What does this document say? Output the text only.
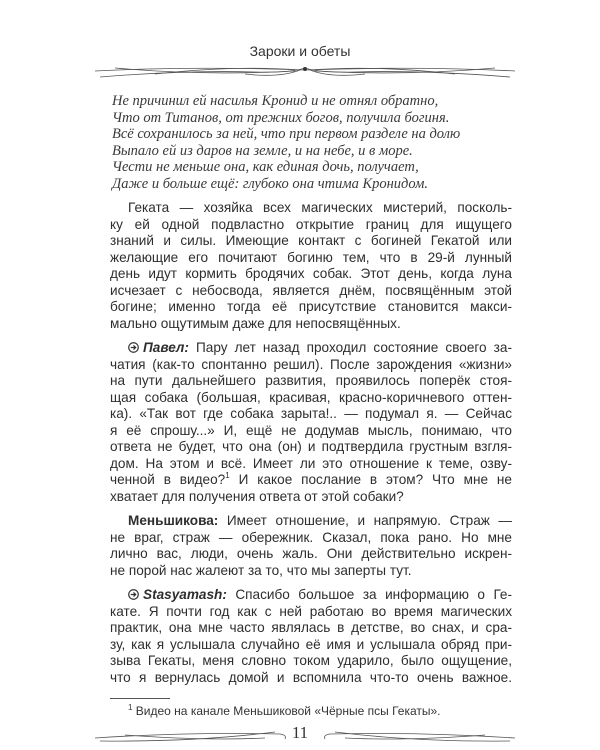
Зароки и обеты
Не причинил ей насилья Кронид и не отнял обратно,
Что от Титанов, от прежних богов, получила богиня.
Всё сохранилось за ней, что при первом разделе на долю
Выпало ей из даров на земле, и на небе, и в море.
Чести не меньше она, как единая дочь, получает,
Даже и больше ещё: глубоко она чтима Кронидом.
Геката — хозяйка всех магических мистерий, посколь-
ку ей одной подвластно открытие границ для ищущего
знаний и силы. Имеющие контакт с богиней Гекатой или
желающие его почитают богиню тем, что в 29-й лунный
день идут кормить бродячих собак. Этот день, когда луна
исчезает с небосвода, является днём, посвящённым этой
богине; именно тогда её присутствие становится макси-
мально ощутимым даже для непосвящённых.
Павел: Пару лет назад проходил состояние своего за-
чатия (как-то спонтанно решил). После зарождения «жизни»
на пути дальнейшего развития, проявилось поперёк стоя-
щая собака (большая, красивая, красно-коричневого оттен-
ка). «Так вот где собака зарыта!.. — подумал я. — Сейчас
я её спрошу...» И, ещё не додумав мысль, понимаю, что
ответа не будет, что она (он) и подтвердила грустным взгля-
дом. На этом и всё. Имеет ли это отношение к теме, озву-
ченной в видео?$^1$ И какое послание в этом? Что мне не
хватает для получения ответа от этой собаки?
Меньшикова: Имеет отношение, и напрямую. Страж —
не враг, страж — обережник. Сказал, пока рано. Но мне
лично вас, люди, очень жаль. Они действительно искрен-
не порой нас жалеют за то, что мы заперты тут.
Stasyamash: Спасибо большое за информацию о Ге-
кате. Я почти год как с ней работаю во время магических
практик, она мне часто являлась в детстве, во снах, и сра-
зу, как я услышала случайно её имя и услышала обряд при-
зыва Гекаты, меня словно током ударило, было ощущение,
что я вернулась домой и вспомнила что-то очень важное.
$^1$ Видео на канале Меньшиковой «Чёрные псы Гекаты».
11
